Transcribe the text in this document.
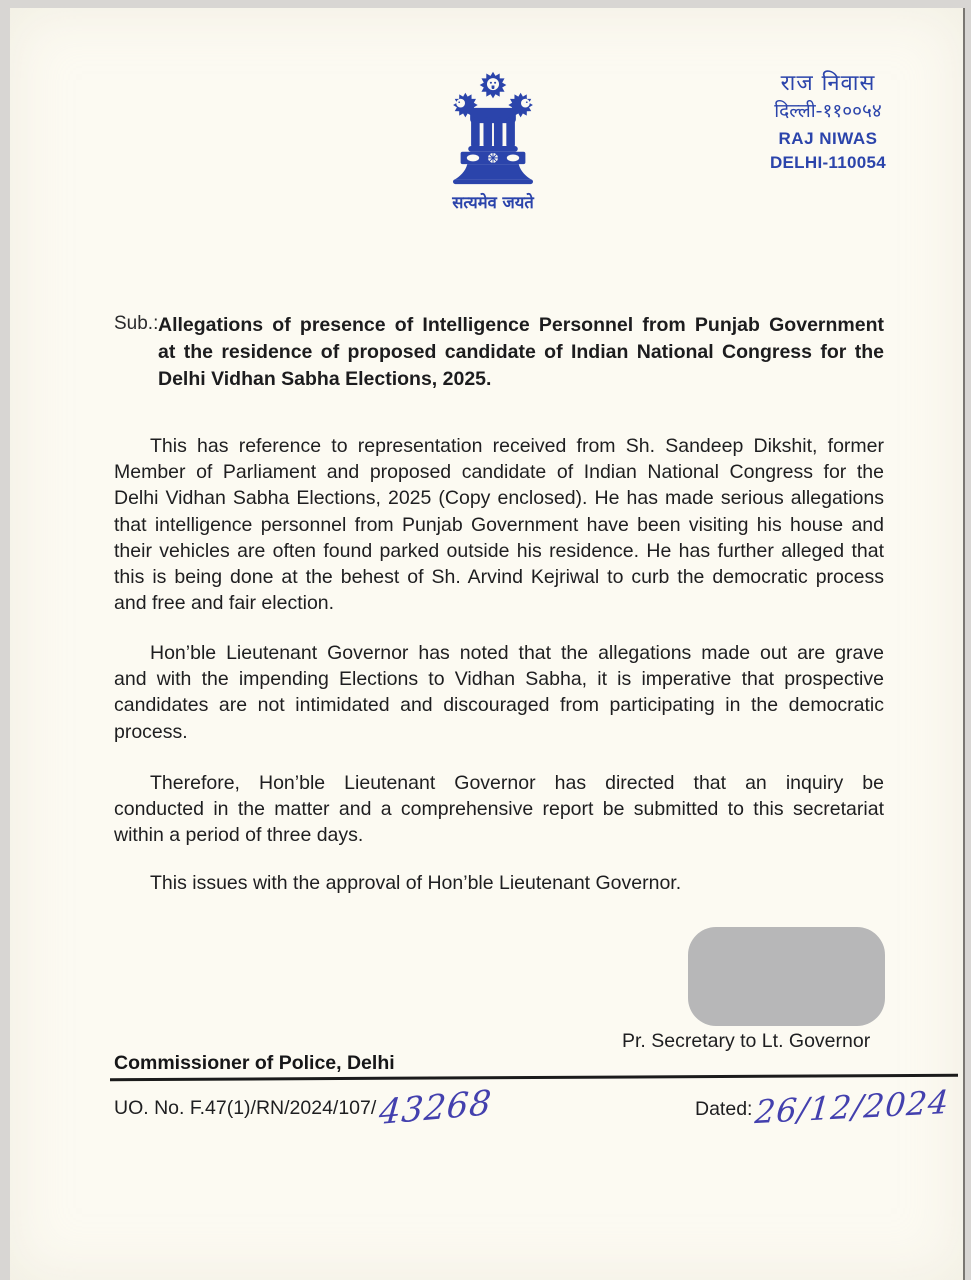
सत्यमेव जयते
राज निवास
दिल्ली-११००५४
RAJ NIWAS
DELHI-110054
Sub.: Allegations of presence of Intelligence Personnel from Punjab Government
at the residence of proposed candidate of Indian National Congress for the
Delhi Vidhan Sabha Elections, 2025.
This has reference to representation received from Sh. Sandeep Dikshit, former
Member of Parliament and proposed candidate of Indian National Congress for the
Delhi Vidhan Sabha Elections, 2025 (Copy enclosed). He has made serious allegations
that intelligence personnel from Punjab Government have been visiting his house and
their vehicles are often found parked outside his residence. He has further alleged that
this is being done at the behest of Sh. Arvind Kejriwal to curb the democratic process
and free and fair election.
Hon’ble Lieutenant Governor has noted that the allegations made out are grave
and with the impending Elections to Vidhan Sabha, it is imperative that prospective
candidates are not intimidated and discouraged from participating in the democratic
process.
Therefore, Hon’ble Lieutenant Governor has directed that an inquiry be
conducted in the matter and a comprehensive report be submitted to this secretariat
within a period of three days.
This issues with the approval of Hon’ble Lieutenant Governor.
Pr. Secretary to Lt. Governor
Commissioner of Police, Delhi
UO. No. F.47(1)/RN/2024/107/43268	Dated:26/12/2024
